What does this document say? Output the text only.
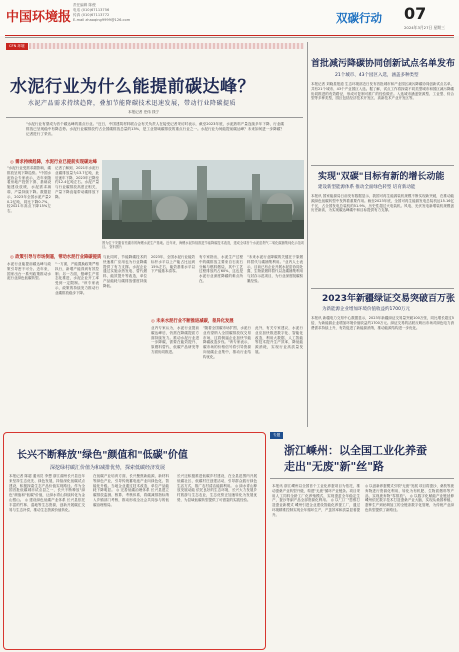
中国环境报
责任编辑 陈俊
电话 (010)67113756
传真 (010)67113772
E-mail zhaoqing9999@126.com	双碳行动 07
2024年3月27日 星期三
CFN 环境
水泥行业为什么能提前碳达峰？
水泥产品需求持续趋降，叠加节能降碳技术迅速发展，带动行业降碳提质
本报记者 史伟 钱宁
"水泥行业有望成为首个碳达峰的重点行业。"近日，中国建筑材料联合会有关负责人在接受记者采访时表示，截至2023年底，水泥熟料产量连续多年下降，行业碳排放已呈现稳中有降态势。水泥行业碳排放约占全国碳排放总量的13%，是工业领域碳排放的重点行业之一。水泥行业为何能提前碳达峰？未来如何进一步降碳？记者进行了采访。
◎ 需求持续趋降，水泥行业已提前实现碳达峰
"水泥行业受需求端影响，碳排放呈现下降趋势。"中国水泥协会专家表示，近年来随着房地产投资下滑、基础设施建设放缓，水泥需求减弱，产量持续下降。数据显示，2023年全国水泥产量20.2亿吨，同比下降0.7%，较2021年高点下降15%左右。
记者了解到，2021年水泥行业碳排放量为13.7亿吨，此后逐年下降，2023年已降至约12.4亿吨左右。水泥产量与行业碳排放高度正相关，产量下降直接带动碳排放下降。
图为位于安徽省芜湖市的海螺水泥生产基地。近年来，海螺水泥持续推进节能降碳技术改造，建成全球首个水泥窑烟气二氧化碳捕集纯化示范项目。 资料图片
◎ 政策引导与市场倒逼，带动水泥行业降碳提质
水泥行业能提前碳达峰与政策引导密不可分。近年来，国家出台一系列政策推动水泥行业绿色低碳转型。
"一方面，产能置换政策严格执行，新增产能得到有效控制；另一方面，错峰生产常态化推进，水泥企业开工率受到一定限制。"该专家表示，政策的持续发力推动行业碳排放稳步下降。
与此同时，节能降碳技术的快速推广应用也为行业降碳提供了有力支撑。水泥企业通过实施余热发电、替代燃料、能效提升等改造，单位产品能耗与碳排放强度持续降低。
2023年，全国水泥行业能效标杆水平以上产能占比达到15%左右，能效基准水平以下产能基本清零。
有专家指出，水泥生产过程中的碳排放主要来自石灰石分解与燃料燃烧，其中工艺过程排放约占60%，这也是水泥行业深度降碳的难点所在。
"未来水泥行业降碳的关键在于原燃料替代与碳捕集利用。"业内人士表示，目前已有企业开展水泥窑协同处置、生物质燃料替代以及碳捕集利用与封存示范项目，为行业深度脱碳积累经验。
◎ 未来水泥行业不断推进减碳，差异化发展
业内专家认为，水泥行业提前碳达峰后，仍需在降碳提质方面持续发力。推动水泥行业进一步降碳，需要在能效提升、原燃料替代、低碳产品研发等方面协同推进。
"随着全国碳市场扩围，水泥行业有望纳入全国碳排放权交易市场，这将倒逼企业加快节能降碳改造步伐。"该专家表示，碳市场的价格信号将引导资源向低碳企业集中，推动行业结构优化。
此外，有关专家建议，水泥行业应加快推进数字化、智能化改造，利用大数据、人工智能等技术提升生产效率，降低能源消耗，实现行业高质量发展。
首批减污降碳协同创新试点名单发布
21个城市、43个园区入选，涵盖多种类型
本报记者 刘晓星报道 生态环境部近日发布首批城市和产业园区减污降碳协同创新试点名单，共有21个城市、43个产业园区入选。据了解，试点工作将探索不同类型城市和园区减污降碳协同推进的有效路径，形成可复制可推广的经验做法。入选城市涵盖资源型、工业型、综合型等多种类型，园区包括经济技术开发区、高新技术产业开发区等。
实现"双碳"目标有新的增长动能
建设新型能源体系 推动全面绿色转型 培育新动能
本报讯 国家能源局日前发布数据显示，我国可再生能源装机规模不断实现新突破，在推动能源绿色低碳转型中发挥着重要作用。截至2023年底，全国可再生能源发电总装机达15.16亿千瓦，占全国发电总装机的51.9%，历史性超过火电装机。风电、光伏发电新增装机规模创历史新高，为实现碳达峰碳中和目标提供有力支撑。
2023年新疆绿证交易突破百万张
为新能源企业增加环境价值收益约1700万元
本报讯 新疆电力交易中心数据显示，2023年新疆绿证交易量突破100万张，同比增长超过5倍，为新能源企业增加环境价值收益约1700万元。绿证交易的活跃反映出市场对绿色电力消费需求持续上升，有效促进了新能源消纳，推动能源结构进一步优化。
长兴不断释放"绿色"颜值和"低碳"价值
深挖绿村碳汇价值为和减排优势，探索低碳经济发展
本报记者 陈超 通讯员 李想 浙江湖州长兴县近年来坚持生态优先、绿色发展，持续深化低碳试点建设，积极探索生态产品价值实现路径。作为全国首批低碳城市试点县之一，长兴不断释放"绿色"颜值和"低碳"价值，让绿水青山持续转化为金山银山。 ◎ 建设绿色低碳产业体系 长兴县依托丰富的竹林、湿地等生态资源，创新开展碳汇交易与生态补偿，推动生态资源价值转化。
在低碳产业培育方面，长兴聚焦新能源、新材料等绿色产业，引导传统蓄电池产业向绿色化、智能化升级。当地企业通过技术改造，单位产品能耗下降明显。 ◎ 完善低碳治理体系 长兴县建立碳排放监测、核算、考核体系，将碳减排指标纳入乡镇部门考核，推动形成全社会共同参与的低碳治理格局。
长兴还积极推进低碳乡村建设，在全县范围内开展低碳社区、低碳村庄创建活动，引导群众践行绿色生活方式，推广农村清洁能源利用。 ◎ 绿水青山释放发展动能 依托良好的生态环境，长兴大力发展乡村旅游与生态农业，生态优势正加速转化为发展优势，为县域低碳转型提供了可借鉴的实践经验。
专题
浙江嵊州：以全国工业化养蚕
走出"无废"新"丝"路
本报讯 浙江嵊州以全国首个工业化养蚕项目为依托，推动蚕桑产业转型升级，构建"无废"循环产业链条。项目采用人工饲料全龄工厂化养殖模式，实现蚕茧全年稳定生产，蚕沙等副产品全部资源化利用。 ◎ 以"工厂"思维打造蚕业新模式 嵊州引进企业建设智能化养蚕工厂，通过环境精准控制实现全年循环生产，产茧效率和质量显著提升。
◎ 以创新养蚕模式引领"无废"发展 项目将蚕沙、桑枝等废弃物进行资源化利用，转化为有机肥、生物质燃料等产品，实现废弃物"零排放"。 ◎ 以数字化赋能产业链延伸 嵊州依托数字技术打造蚕桑产业大脑，实现从桑园种植、蚕种生产到丝绸加工的全链条数字化管理，为传统产业绿色转型提供了新路径。
